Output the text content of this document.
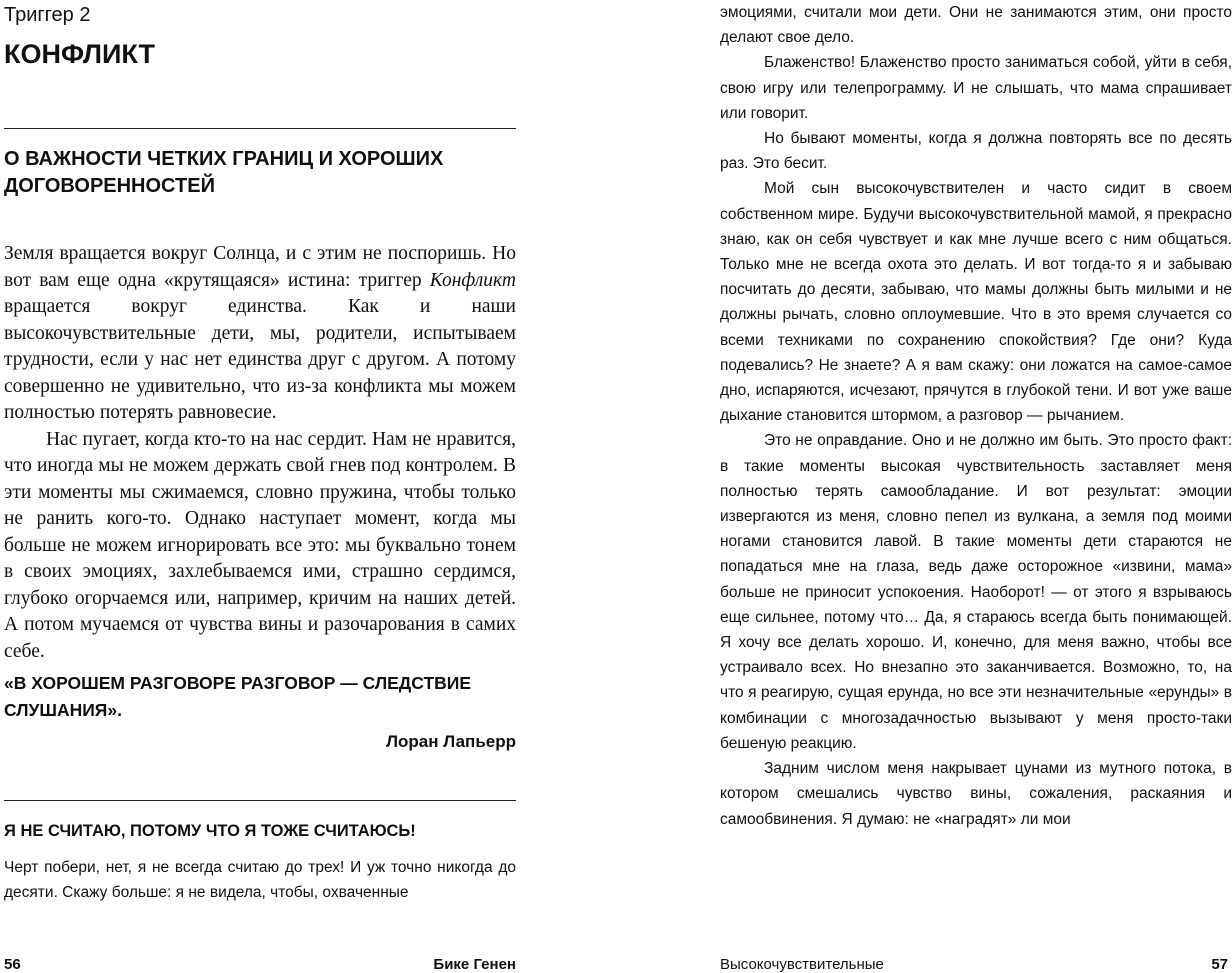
Триггер 2
КОНФЛИКТ
О ВАЖНОСТИ ЧЕТКИХ ГРАНИЦ И ХОРОШИХ ДОГОВОРЕННОСТЕЙ

Земля вращается вокруг Солнца, и с этим не поспоришь. Но вот вам еще одна «крутящаяся» истина: триггер Конфликт вращается вокруг единства. Как и наши высокочувствительные дети, мы, родители, испытываем трудности, если у нас нет единства друг с другом. А потому совершенно не удивительно, что из-за конфликта мы можем полностью потерять равновесие.

Нас пугает, когда кто-то на нас сердит. Нам не нравится, что иногда мы не можем держать свой гнев под контролем. В эти моменты мы сжимаемся, словно пружина, чтобы только не ранить кого-то. Однако наступает момент, когда мы больше не можем игнорировать все это: мы буквально тонем в своих эмоциях, захлебываемся ими, страшно сердимся, глубоко огорчаемся или, например, кричим на наших детей. А потом мучаемся от чувства вины и разочарования в самих себе.

«В ХОРОШЕМ РАЗГОВОРЕ РАЗГОВОР — СЛЕДСТВИЕ СЛУШАНИЯ».
Лоран Лапьерр
Я НЕ СЧИТАЮ, ПОТОМУ ЧТО Я ТОЖЕ СЧИТАЮСЬ!

Черт побери, нет, я не всегда считаю до трех! И уж точно никогда до десяти. Скажу больше: я не видела, чтобы, охваченные

56	Бике Генен

эмоциями, считали мои дети. Они не занимаются этим, они просто делают свое дело.

Блаженство! Блаженство просто заниматься собой, уйти в себя, свою игру или телепрограмму. И не слышать, что мама спрашивает или говорит.

Но бывают моменты, когда я должна повторять все по десять раз. Это бесит.

Мой сын высокочувствителен и часто сидит в своем собственном мире. Будучи высокочувствительной мамой, я прекрасно знаю, как он себя чувствует и как мне лучше всего с ним общаться. Только мне не всегда охота это делать. И вот тогда-то я и забываю посчитать до десяти, забываю, что мамы должны быть милыми и не должны рычать, словно оплоумевшие. Что в это время случается со всеми техниками по сохранению спокойствия? Где они? Куда подевались? Не знаете? А я вам скажу: они ложатся на самое-самое дно, испаряются, исчезают, прячутся в глубокой тени. И вот уже ваше дыхание становится штормом, а разговор — рычанием.

Это не оправдание. Оно и не должно им быть. Это просто факт: в такие моменты высокая чувствительность заставляет меня полностью терять самообладание. И вот результат: эмоции извергаются из меня, словно пепел из вулкана, а земля под моими ногами становится лавой. В такие моменты дети стараются не попадаться мне на глаза, ведь даже осторожное «извини, мама» больше не приносит успокоения. Наоборот! — от этого я взрываюсь еще сильнее, потому что… Да, я стараюсь всегда быть понимающей. Я хочу все делать хорошо. И, конечно, для меня важно, чтобы все устраивало всех. Но внезапно это заканчивается. Возможно, то, на что я реагирую, сущая ерунда, но все эти незначительные «ерунды» в комбинации с многозадачностью вызывают у меня просто-таки бешеную реакцию.

Задним числом меня накрывает цунами из мутного потока, в котором смешались чувство вины, сожаления, раскаяния и самообвинения. Я думаю: не «наградят» ли мои

Высокочувствительные	57
